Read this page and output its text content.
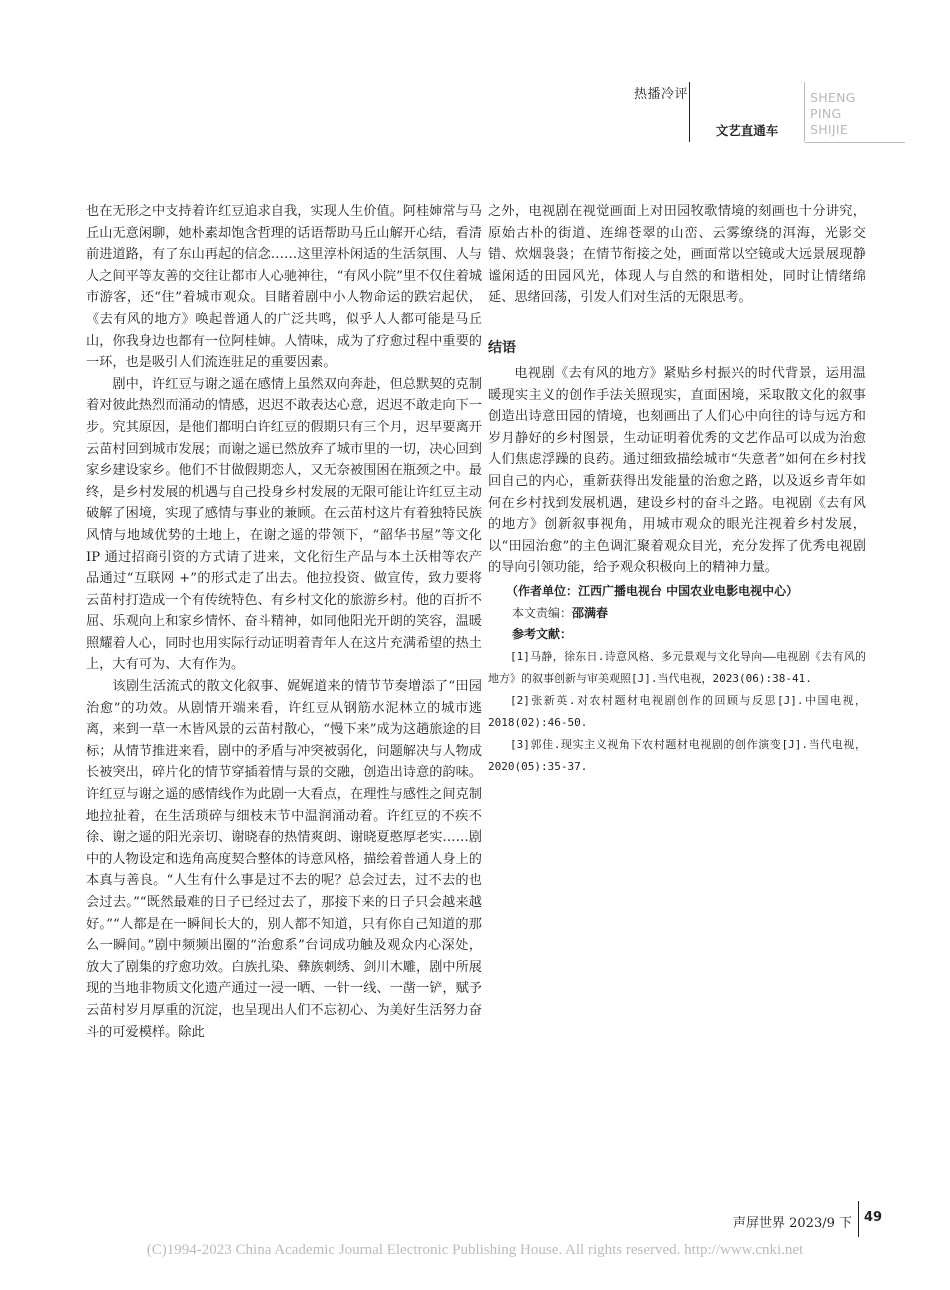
热播冷评
文艺直通车
SHENG
PING
SHIJIE

也在无形之中支持着许红豆追求自我，实现人生价值。阿桂婶常与马丘山无意闲聊，她朴素却饱含哲理的话语帮助马丘山解开心结，看清前进道路，有了东山再起的信念……这里淳朴闲适的生活氛围、人与人之间平等友善的交往让都市人心驰神往，“有风小院”里不仅住着城市游客，还“住”着城市观众。目睹着剧中小人物命运的跌宕起伏，《去有风的地方》唤起普通人的广泛共鸣，似乎人人都可能是马丘山，你我身边也都有一位阿桂婶。人情味，成为了疗愈过程中重要的一环，也是吸引人们流连驻足的重要因素。

剧中，许红豆与谢之遥在感情上虽然双向奔赴，但总默契的克制着对彼此热烈而涌动的情感，迟迟不敢表达心意，迟迟不敢走向下一步。究其原因，是他们都明白许红豆的假期只有三个月，迟早要离开云苗村回到城市发展；而谢之遥已然放弃了城市里的一切，决心回到家乡建设家乡。他们不甘做假期恋人，又无奈被围困在瓶颈之中。最终，是乡村发展的机遇与自己投身乡村发展的无限可能让许红豆主动破解了困境，实现了感情与事业的兼顾。在云苗村这片有着独特民族风情与地域优势的土地上，在谢之遥的带领下，“韶华书屋”等文化 IP 通过招商引资的方式请了进来，文化衍生产品与本土沃柑等农产品通过“互联网 +”的形式走了出去。他拉投资、做宣传，致力要将云苗村打造成一个有传统特色、有乡村文化的旅游乡村。他的百折不屈、乐观向上和家乡情怀、奋斗精神，如同他阳光开朗的笑容，温暖照耀着人心，同时也用实际行动证明着青年人在这片充满希望的热土上，大有可为、大有作为。

该剧生活流式的散文化叙事、娓娓道来的情节节奏增添了“田园治愈”的功效。从剧情开端来看，许红豆从钢筋水泥林立的城市逃离，来到一草一木皆风景的云苗村散心，“慢下来”成为这趟旅途的目标；从情节推进来看，剧中的矛盾与冲突被弱化，问题解决与人物成长被突出，碎片化的情节穿插着情与景的交融，创造出诗意的韵味。许红豆与谢之遥的感情线作为此剧一大看点，在理性与感性之间克制地拉扯着，在生活琐碎与细枝末节中温润涌动着。许红豆的不疾不徐、谢之遥的阳光亲切、谢晓春的热情爽朗、谢晓夏憨厚老实……剧中的人物设定和选角高度契合整体的诗意风格，描绘着普通人身上的本真与善良。“人生有什么事是过不去的呢？总会过去，过不去的也会过去。”“既然最难的日子已经过去了，那接下来的日子只会越来越好。”“人都是在一瞬间长大的，别人都不知道，只有你自己知道的那么一瞬间。”剧中频频出圈的“治愈系”台词成功触及观众内心深处，放大了剧集的疗愈功效。白族扎染、彝族刺绣、剑川木雕，剧中所展现的当地非物质文化遗产通过一浸一晒、一针一线、一凿一铲，赋予云苗村岁月厚重的沉淀，也呈现出人们不忘初心、为美好生活努力奋斗的可爱模样。除此

之外，电视剧在视觉画面上对田园牧歌情境的刻画也十分讲究，原始古朴的街道、连绵苍翠的山峦、云雾缭绕的洱海，光影交错、炊烟袅袅；在情节衔接之处，画面常以空镜或大远景展现静谧闲适的田园风光，体现人与自然的和谐相处，同时让情绪绵延、思绪回荡，引发人们对生活的无限思考。

结语

电视剧《去有风的地方》紧贴乡村振兴的时代背景，运用温暖现实主义的创作手法关照现实，直面困境，采取散文化的叙事创造出诗意田园的情境，也刻画出了人们心中向往的诗与远方和岁月静好的乡村图景，生动证明着优秀的文艺作品可以成为治愈人们焦虑浮躁的良药。通过细致描绘城市“失意者”如何在乡村找回自己的内心，重新获得出发能量的治愈之路，以及返乡青年如何在乡村找到发展机遇，建设乡村的奋斗之路。电视剧《去有风的地方》创新叙事视角，用城市观众的眼光注视着乡村发展，以“田园治愈”的主色调汇聚着观众目光，充分发挥了优秀电视剧的导向引领功能，给予观众积极向上的精神力量。

（作者单位：江西广播电视台 中国农业电影电视中心）
本文责编：邵满春
参考文献：

[1]马静，徐东日.诗意风格、多元景观与文化导向——电视剧《去有风的地方》的叙事创新与审美观照[J].当代电视，2023(06):38-41.

[2]张新英.对农村题材电视剧创作的回顾与反思[J].中国电视，2018(02):46-50.

[3]郭佳.现实主义视角下农村题材电视剧的创作演变[J].当代电视，2020(05):35-37.

声屏世界 2023/9 下 49
(C)1994-2023 China Academic Journal Electronic Publishing House. All rights reserved. http://www.cnki.net
